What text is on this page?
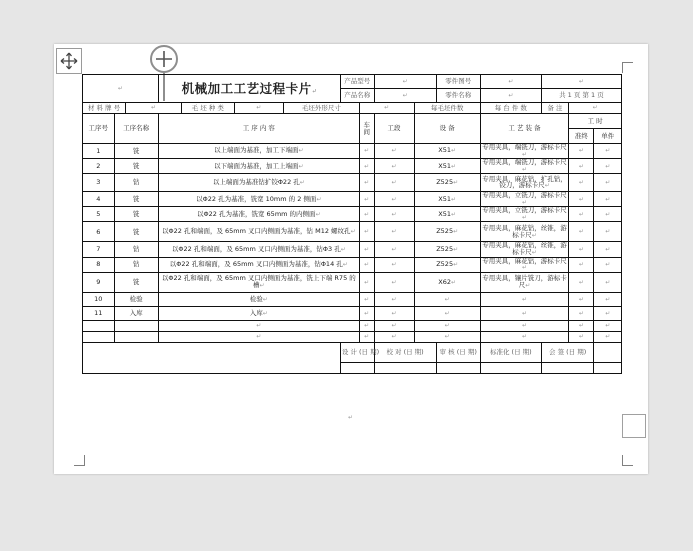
↵			机械加工工艺过程卡片↵				产品型号		↵		零件图号	↵	↵		
							产品名称		↵		零件名称	↵	共 1 页 第 1 页		
材 料 牌 号		↵		毛 坯 种 类	↵	毛坯外形尺寸		↵		每毛坯件数		每 台 件 数	备 注	↵	
工序号	工序名称		工 序 内 容					车间	工段	设 备		工 艺 装 备		工 时	
														准终	单件
1	铣		以上端面为基准，加工下端面↵					↵	↵	X51↵		专用夹具，端铣刀，游标卡尺↵		↵	↵
2	铣		以下端面为基准，加工上端面↵					↵	↵	X51↵		专用夹具，端铣刀，游标卡尺↵		↵	↵
3	钻		以上端面为基准钻扩铰Φ22 孔↵					↵	↵	Z525↵		专用夹具，麻花钻，扩孔钻，铰刀，游标卡尺↵		↵	↵
4	铣		以Φ22 孔为基准，铣宽 10mm 的 2 侧面↵					↵	↵	X51↵		专用夹具，立铣刀，游标卡尺↵		↵	↵
5	铣		以Φ22 孔为基准，铣宽 65mm 的内侧面↵					↵	↵	X51↵		专用夹具，立铣刀，游标卡尺↵		↵	↵
6	铣		以Φ22 孔和端面，及 65mm 叉口内侧面为基准，钻 M12 螺纹孔↵					↵	↵	Z525↵		专用夹具，麻花钻，丝锥，游标卡尺↵		↵	↵
7	钻		以Φ22 孔和端面，及 65mm 叉口内侧面为基准，钻Φ3 孔↵					↵	↵	Z525↵		专用夹具，麻花钻，丝锥，游标卡尺↵		↵	↵
8	钻		以Φ22 孔和端面，及 65mm 叉口内侧面为基准，钻Φ14 孔↵					↵	↵	Z525↵		专用夹具，麻花钻，游标卡尺↵		↵	↵
9	铣		以Φ22 孔和端面，及 65mm 叉口内侧面为基准，铣上下端 R75 的槽↵					↵	↵	X62↵		专用夹具，镶片铣刀，游标卡尺↵		↵	↵
10	检验		检验↵					↵	↵	↵		↵		↵	↵
11	入库		入库↵					↵	↵	↵		↵		↵	↵
			↵					↵	↵	↵		↵		↵	↵
			↵					↵	↵	↵		↵		↵	↵
							设 计 (日 期)		校 对 (日 期)		审 核 (日 期)	标准化 (日 期)	会 签 (日 期)		

↵
